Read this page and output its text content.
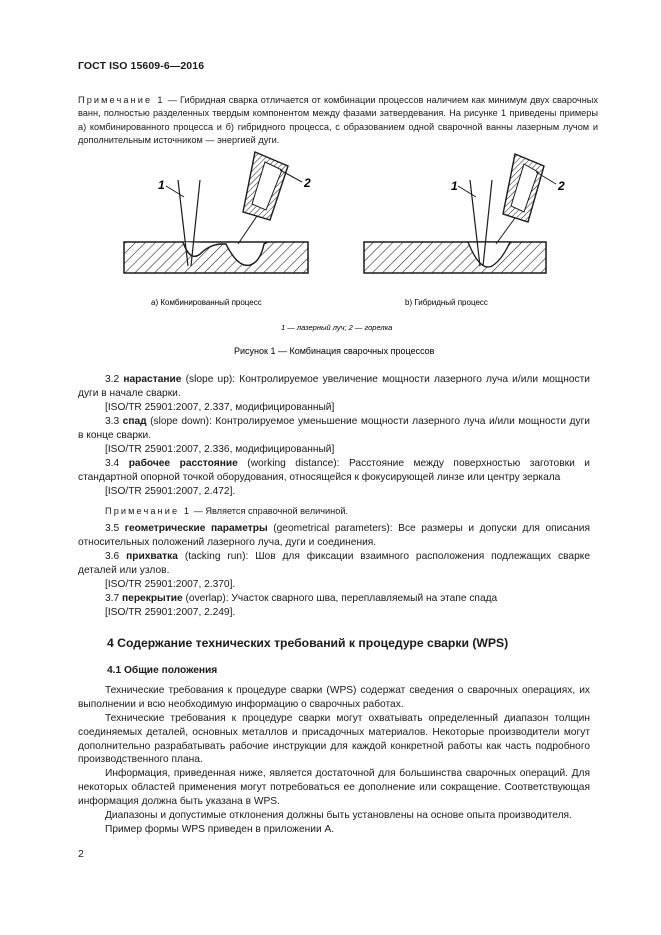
ГОСТ ISO 15609-6—2016
Примечание 1 — Гибридная сварка отличается от комбинации процессов наличием как минимум двух сварочных ванн, полностью разделенных твердым компонентом между фазами затвердевания. На рисунке 1 приведены примеры а) комбинированного процесса и б) гибридного процесса, с образованием одной сварочной ванны лазерным лучом и дополнительным источником — энергией дуги.
1	2	1	2
а) Комбинированный процесс	b) Гибридный процесс
1 — лазерный луч; 2 — горелка
Рисунок 1 — Комбинация сварочных процессов
3.2 нарастание (slope up): Контролируемое увеличение мощности лазерного луча и/или мощности дуги в начале сварки.
[ISO/TR 25901:2007, 2.337, модифицированный]
3.3 спад (slope down): Контролируемое уменьшение мощности лазерного луча и/или мощности дуги в конце сварки.
[ISO/TR 25901:2007, 2.336, модифицированный]
3.4 рабочее расстояние (working distance): Расстояние между поверхностью заготовки и стандартной опорной точкой оборудования, относящейся к фокусирующей линзе или центру зеркала
[ISO/TR 25901:2007, 2.472].
Примечание 1 — Является справочной величиной.
3.5 геометрические параметры (geometrical parameters): Все размеры и допуски для описания относительных положений лазерного луча, дуги и соединения.
3.6 прихватка (tacking run): Шов для фиксации взаимного расположения подлежащих сварке деталей или узлов.
[ISO/TR 25901:2007, 2.370].
3.7 перекрытие (overlap): Участок сварного шва, переплавляемый на этапе спада
[ISO/TR 25901:2007, 2.249].
4 Содержание технических требований к процедуре сварки (WPS)
4.1 Общие положения
Технические требования к процедуре сварки (WPS) содержат сведения о сварочных операциях, их выполнении и всю необходимую информацию о сварочных работах.
Технические требования к процедуре сварки могут охватывать определенный диапазон толщин соединяемых деталей, основных металлов и присадочных материалов. Некоторые производители могут дополнительно разрабатывать рабочие инструкции для каждой конкретной работы как часть подробного производственного плана.
Информация, приведенная ниже, является достаточной для большинства сварочных операций. Для некоторых областей применения могут потребоваться ее дополнение или сокращение. Соответствующая информация должна быть указана в WPS.
Диапазоны и допустимые отклонения должны быть установлены на основе опыта производителя.
Пример формы WPS приведен в приложении А.
2
